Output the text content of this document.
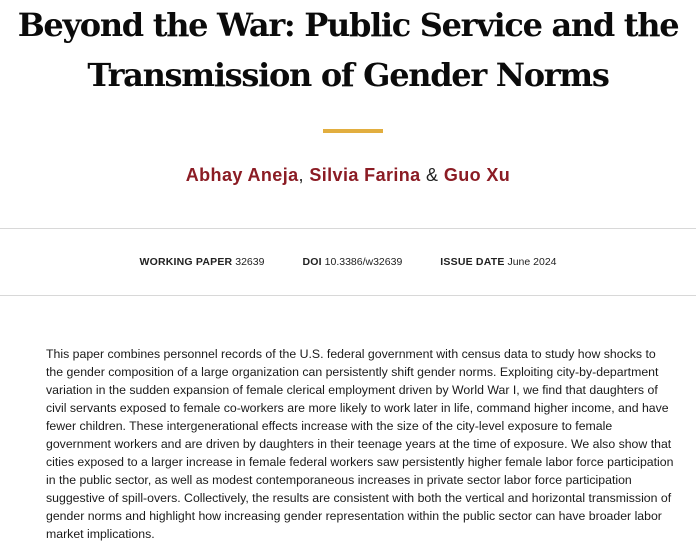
Beyond the War: Public Service and the
Transmission of Gender Norms
Abhay Aneja, Silvia Farina & Guo Xu
WORKING PAPER 32639	DOI 10.3386/w32639	ISSUE DATE June 2024

This paper combines personnel records of the U.S. federal government with census data to study how shocks to
the gender composition of a large organization can persistently shift gender norms. Exploiting city-by-department
variation in the sudden expansion of female clerical employment driven by World War I, we find that daughters of
civil servants exposed to female co-workers are more likely to work later in life, command higher income, and have
fewer children. These intergenerational effects increase with the size of the city-level exposure to female
government workers and are driven by daughters in their teenage years at the time of exposure. We also show that
cities exposed to a larger increase in female federal workers saw persistently higher female labor force participation
in the public sector, as well as modest contemporaneous increases in private sector labor force participation
suggestive of spill-overs. Collectively, the results are consistent with both the vertical and horizontal transmission of
gender norms and highlight how increasing gender representation within the public sector can have broader labor
market implications.
